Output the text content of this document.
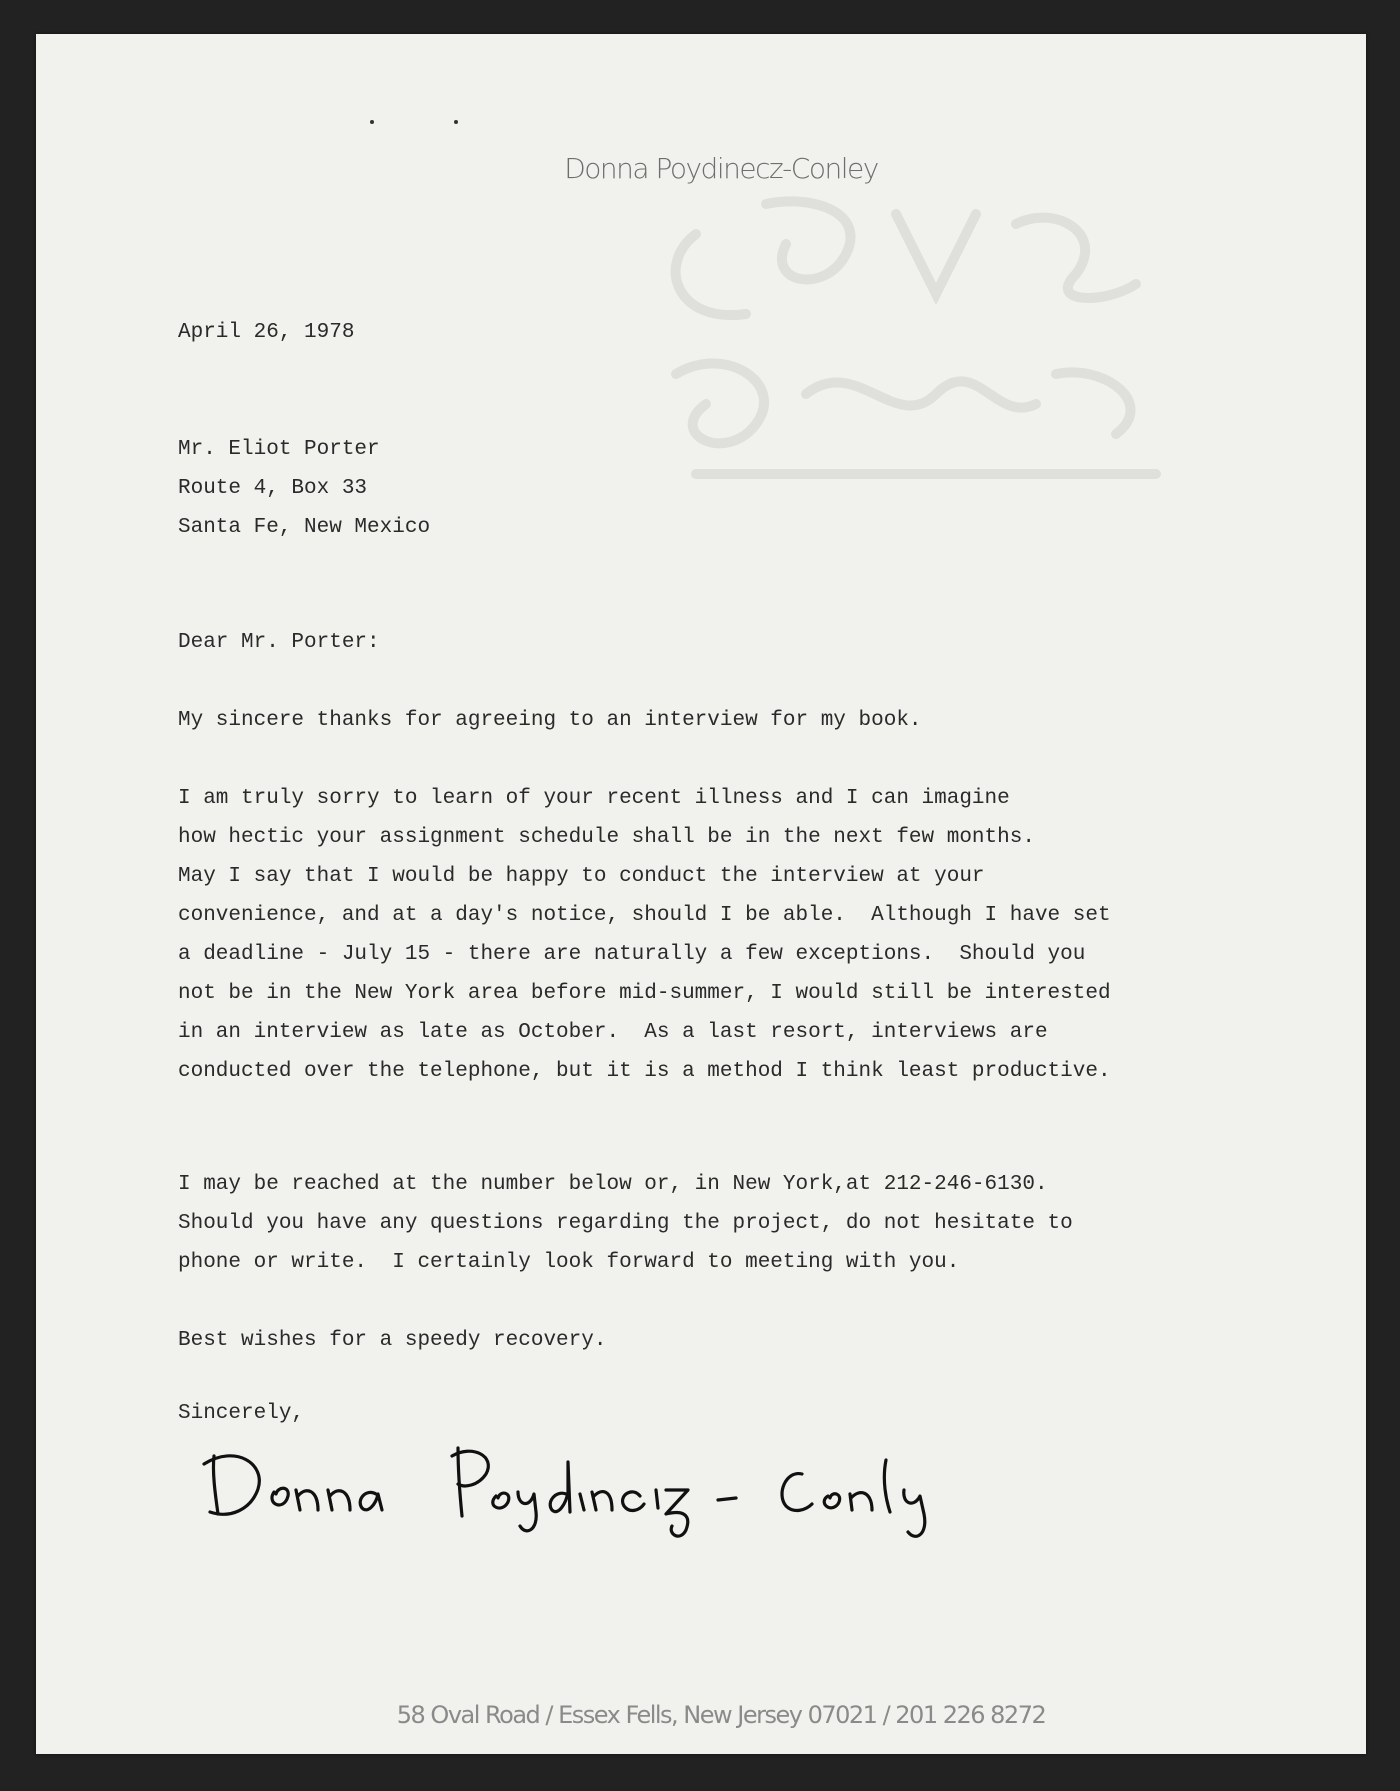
Donna Poydinecz-Conley
April 26, 1978
Mr. Eliot Porter
Route 4, Box 33
Santa Fe, New Mexico
Dear Mr. Porter:
My sincere thanks for agreeing to an interview for my book.
I am truly sorry to learn of your recent illness and I can imagine
how hectic your assignment schedule shall be in the next few months.
May I say that I would be happy to conduct the interview at your
convenience, and at a day's notice, should I be able.  Although I have set
a deadline - July 15 - there are naturally a few exceptions.  Should you
not be in the New York area before mid-summer, I would still be interested
in an interview as late as October.  As a last resort, interviews are
conducted over the telephone, but it is a method I think least productive.
I may be reached at the number below or, in New York,at 212-246-6130.
Should you have any questions regarding the project, do not hesitate to
phone or write.  I certainly look forward to meeting with you.
Best wishes for a speedy recovery.
Sincerely,
58 Oval Road / Essex Fells, New Jersey 07021 / 201 226 8272
